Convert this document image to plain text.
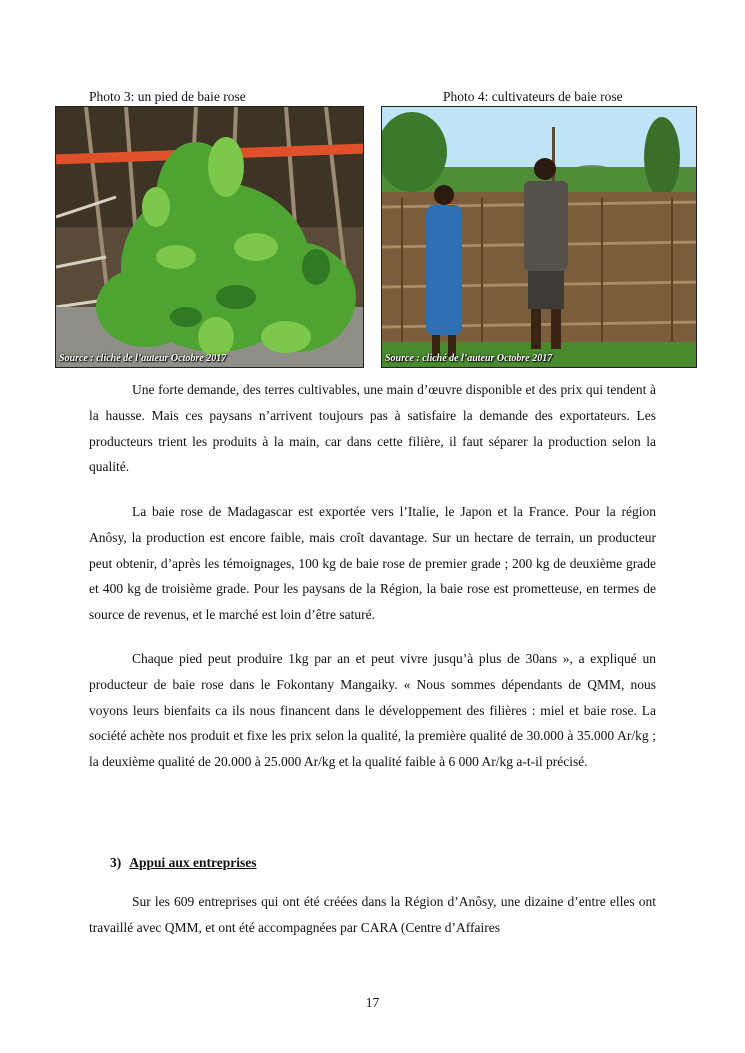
Photo 3: un pied de baie rose	Photo 4: cultivateurs de baie rose
Source : cliché de l’auteur Octobre 2017	Source : cliché de l’auteur Octobre 2017

Une forte demande, des terres cultivables, une main d’œuvre disponible et des prix qui tendent à la hausse. Mais ces paysans n’arrivent toujours pas à satisfaire la demande des exportateurs. Les producteurs trient les produits à la main, car dans cette filière, il faut séparer la production selon la qualité.

La baie rose de Madagascar est exportée vers l’Italie, le Japon et la France. Pour la région Anôsy, la production est encore faible, mais croît davantage. Sur un hectare de terrain, un producteur peut obtenir, d’après les témoignages, 100 kg de baie rose de premier grade ; 200 kg de deuxième grade et 400 kg de troisième grade. Pour les paysans de la Région, la baie rose est prometteuse, en termes de source de revenus, et le marché est loin d’être saturé.

Chaque pied peut produire 1kg par an et peut vivre jusqu’à plus de 30ans », a expliqué un producteur de baie rose dans le Fokontany Mangaiky. « Nous sommes dépendants de QMM, nous voyons leurs bienfaits ca ils nous financent dans le développement des filières : miel et baie rose. La société achète nos produit et fixe les prix selon la qualité, la première qualité de 30.000 à 35.000 Ar/kg ; la deuxième qualité de 20.000 à 25.000 Ar/kg et la qualité faible à 6 000 Ar/kg a-t-il précisé.

3) Appui aux entreprises

Sur les 609 entreprises qui ont été créées dans la Région d’Anôsy, une dizaine d’entre elles ont travaillé avec QMM, et ont été accompagnées par CARA (Centre d’Affaires

17
